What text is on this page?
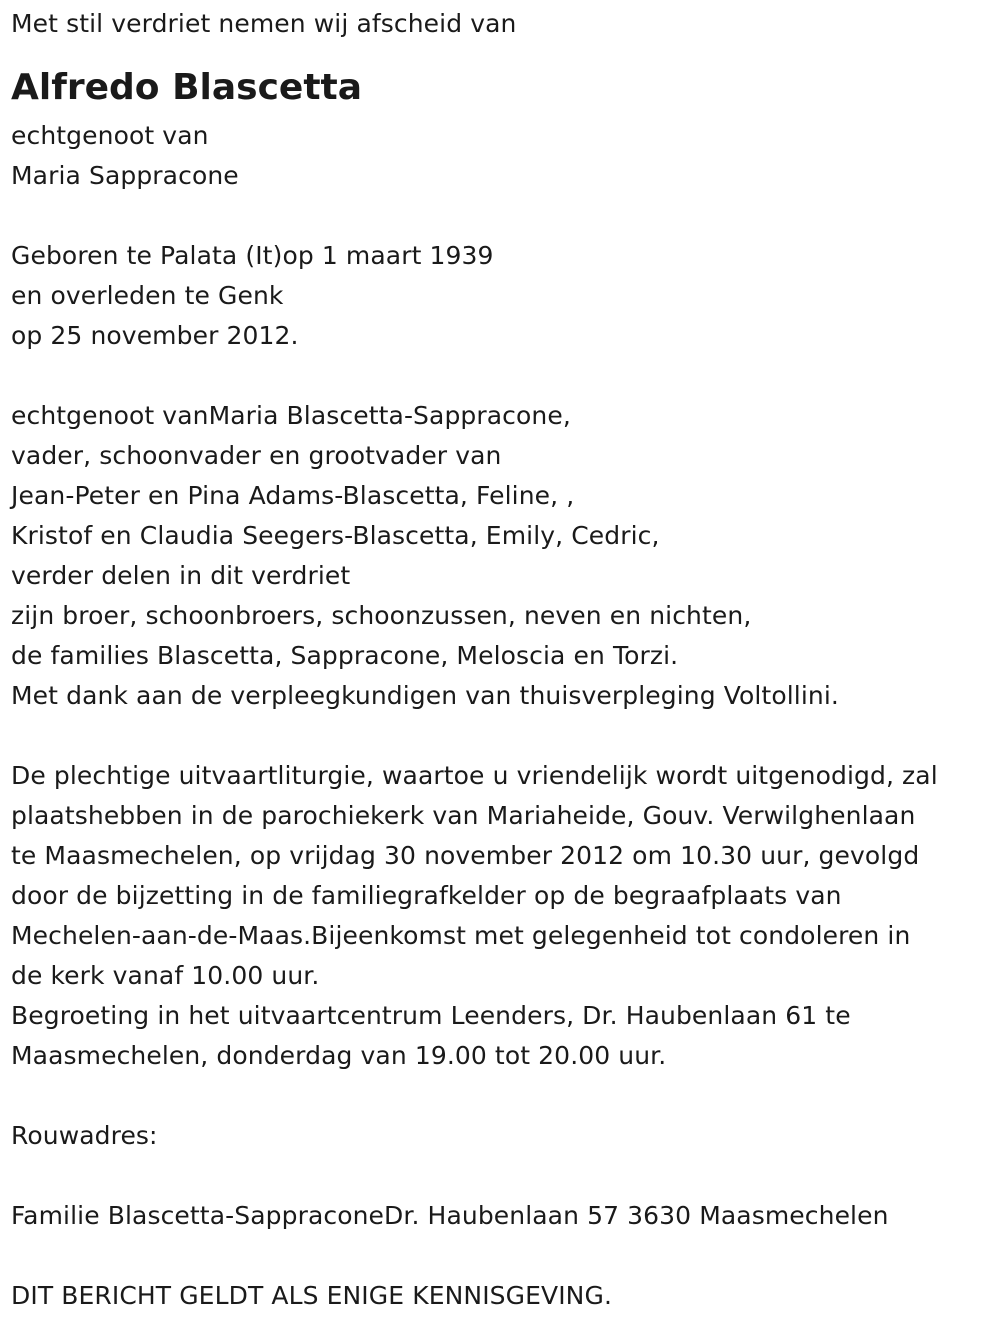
Met stil verdriet nemen wij afscheid van
Alfredo Blascetta
echtgenoot van
Maria Sappracone
Geboren te Palata (It)op 1 maart 1939
en overleden te Genk
op 25 november 2012.
echtgenoot vanMaria Blascetta-Sappracone,
vader, schoonvader en grootvader van
Jean-Peter en Pina Adams-Blascetta, Feline, ,
Kristof en Claudia Seegers-Blascetta, Emily, Cedric,
verder delen in dit verdriet
zijn broer, schoonbroers, schoonzussen, neven en nichten,
de families Blascetta, Sappracone, Meloscia en Torzi.
Met dank aan de verpleegkundigen van thuisverpleging Voltollini.
De plechtige uitvaartliturgie, waartoe u vriendelijk wordt uitgenodigd, zal
plaatshebben in de parochiekerk van Mariaheide, Gouv. Verwilghenlaan
te Maasmechelen, op vrijdag 30 november 2012 om 10.30 uur, gevolgd
door de bijzetting in de familiegrafkelder op de begraafplaats van
Mechelen-aan-de-Maas.Bijeenkomst met gelegenheid tot condoleren in
de kerk vanaf 10.00 uur.
Begroeting in het uitvaartcentrum Leenders, Dr. Haubenlaan 61 te
Maasmechelen, donderdag van 19.00 tot 20.00 uur.
Rouwadres:
Familie Blascetta-SappraconeDr. Haubenlaan 57 3630 Maasmechelen
DIT BERICHT GELDT ALS ENIGE KENNISGEVING.
